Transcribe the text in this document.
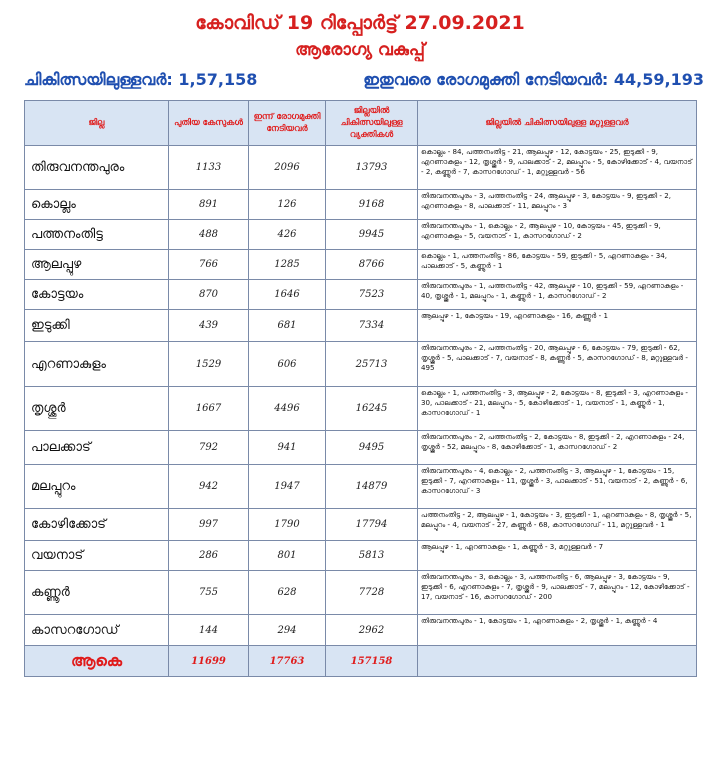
കോവിഡ് 19 റിപ്പോർട്ട് 27.09.2021
ആരോഗ്യ വകുപ്പ്
ചികിത്സയിലുള്ളവർ: 1,57,158	ഇതുവരെ രോഗമുക്തി നേടിയവർ: 44,59,193
ജില്ല	പുതിയ കേസുകൾ	ഇന്ന് രോഗമുക്തി നേടിയവർ	ജില്ലയിൽ ചികിത്സയിലുള്ള വ്യക്തികൾ	ജില്ലയിൽ ചികിത്സയിലുള്ള മറ്റുള്ളവർ
തിരുവനന്തപുരം	1133	2096	13793	കൊല്ലം - 84, പത്തനംതിട്ട - 21, ആലപ്പുഴ - 12, കോട്ടയം - 25, ഇടുക്കി - 9, എറണാകുളം - 12, തൃശ്ശൂർ - 9, പാലക്കാട് - 2, മലപ്പുറം - 5, കോഴിക്കോട് - 4, വയനാട് - 2, കണ്ണൂർ - 7, കാസറഗോഡ് - 1, മറ്റുള്ളവർ - 56
കൊല്ലം	891	126	9168	തിരുവനന്തപുരം - 3, പത്തനംതിട്ട - 24, ആലപ്പുഴ - 3, കോട്ടയം - 9, ഇടുക്കി - 2, എറണാകുളം - 8, പാലക്കാട് - 11, മലപ്പുറം - 3
പത്തനംതിട്ട	488	426	9945	തിരുവനന്തപുരം - 1, കൊല്ലം - 2, ആലപ്പുഴ - 10, കോട്ടയം - 45, ഇടുക്കി - 9, എറണാകുളം - 5, വയനാട് - 1, കാസറഗോഡ് - 2
ആലപ്പുഴ	766	1285	8766	കൊല്ലം - 1, പത്തനംതിട്ട - 86, കോട്ടയം - 59, ഇടുക്കി - 5, എറണാകുളം - 34, പാലക്കാട് - 5, കണ്ണൂർ - 1
കോട്ടയം	870	1646	7523	തിരുവനന്തപുരം - 1, പത്തനംതിട്ട - 42, ആലപ്പുഴ - 10, ഇടുക്കി - 59, എറണാകുളം - 40, തൃശ്ശൂർ - 1, മലപ്പുറം - 1, കണ്ണൂർ - 1, കാസറഗോഡ് - 2
ഇടുക്കി	439	681	7334	ആലപ്പുഴ - 1, കോട്ടയം - 19, എറണാകുളം - 16, കണ്ണൂർ - 1
എറണാകുളം	1529	606	25713	തിരുവനന്തപുരം - 2, പത്തനംതിട്ട - 20, ആലപ്പുഴ - 6, കോട്ടയം - 79, ഇടുക്കി - 62, തൃശ്ശൂർ - 5, പാലക്കാട് - 7, വയനാട് - 8, കണ്ണൂർ - 5, കാസറഗോഡ് - 8, മറ്റുള്ളവർ - 495
തൃശ്ശൂർ	1667	4496	16245	കൊല്ലം - 1, പത്തനംതിട്ട - 3, ആലപ്പുഴ - 2, കോട്ടയം - 8, ഇടുക്കി - 3, എറണാകുളം - 30, പാലക്കാട് - 21, മലപ്പുറം - 5, കോഴിക്കോട് - 1, വയനാട് - 1, കണ്ണൂർ - 1, കാസറഗോഡ് - 1
പാലക്കാട്	792	941	9495	തിരുവനന്തപുരം - 2, പത്തനംതിട്ട - 2, കോട്ടയം - 8, ഇടുക്കി - 2, എറണാകുളം - 24, തൃശ്ശൂർ - 52, മലപ്പുറം - 8, കോഴിക്കോട് - 1, കാസറഗോഡ് - 2
മലപ്പുറം	942	1947	14879	തിരുവനന്തപുരം - 4, കൊല്ലം - 2, പത്തനംതിട്ട - 3, ആലപ്പുഴ - 1, കോട്ടയം - 15, ഇടുക്കി - 7, എറണാകുളം - 11, തൃശ്ശൂർ - 3, പാലക്കാട് - 51, വയനാട് - 2, കണ്ണൂർ - 6, കാസറഗോഡ് - 3
കോഴിക്കോട്	997	1790	17794	പത്തനംതിട്ട - 2, ആലപ്പുഴ - 1, കോട്ടയം - 3, ഇടുക്കി - 1, എറണാകുളം - 8, തൃശ്ശൂർ - 5, മലപ്പുറം - 4, വയനാട് - 27, കണ്ണൂർ - 68, കാസറഗോഡ് - 11, മറ്റുള്ളവർ - 1
വയനാട്	286	801	5813	ആലപ്പുഴ - 1, എറണാകുളം - 1, കണ്ണൂർ - 3, മറ്റുള്ളവർ - 7
കണ്ണൂർ	755	628	7728	തിരുവനന്തപുരം - 3, കൊല്ലം - 3, പത്തനംതിട്ട - 6, ആലപ്പുഴ - 3, കോട്ടയം - 9, ഇടുക്കി - 6, എറണാകുളം - 7, തൃശ്ശൂർ - 9, പാലക്കാട് - 7, മലപ്പുറം - 12, കോഴിക്കോട് - 17, വയനാട് - 16, കാസറഗോഡ് - 200
കാസറഗോഡ്	144	294	2962	തിരുവനന്തപുരം - 1, കോട്ടയം - 1, എറണാകുളം - 2, തൃശ്ശൂർ - 1, കണ്ണൂർ - 4
ആകെ	11699	17763	157158	
